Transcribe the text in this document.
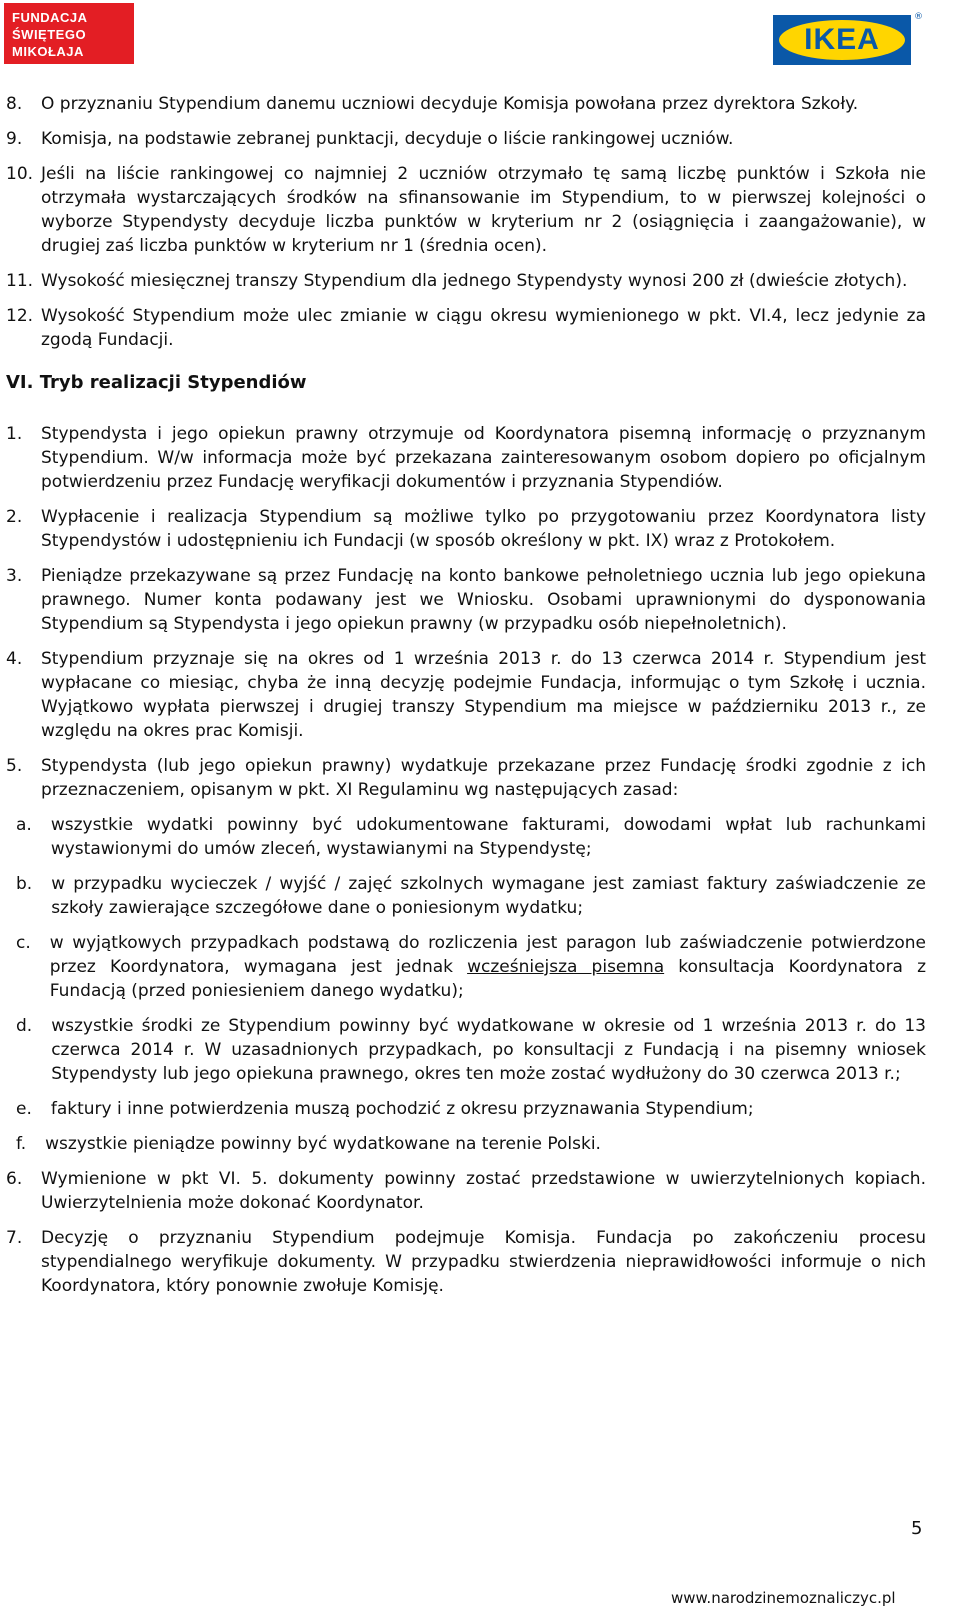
FUNDACJA
ŚWIĘTEGO
MIKOŁAJA	IKEA
®
8.	O przyznaniu Stypendium danemu uczniowi decyduje Komisja powołana przez dyrektora Szkoły.
9.	Komisja, na podstawie zebranej punktacji, decyduje o liście rankingowej uczniów.
10. Jeśli na liście rankingowej co najmniej 2 uczniów otrzymało tę samą liczbę punktów i Szkoła nie otrzymała wystarczających środków na sfinansowanie im Stypendium, to w pierwszej kolejności o wyborze Stypendysty decyduje liczba punktów w kryterium nr 2 (osiągnięcia i zaangażowanie), w drugiej zaś liczba punktów w kryterium nr 1 (średnia ocen).
11. Wysokość miesięcznej transzy Stypendium dla jednego Stypendysty wynosi 200 zł (dwieście złotych).
12. Wysokość Stypendium może ulec zmianie w ciągu okresu wymienionego w pkt. VI.4, lecz jedynie za zgodą Fundacji.
VI. Tryb realizacji Stypendiów
1.	Stypendysta i jego opiekun prawny otrzymuje od Koordynatora pisemną informację o przyznanym Stypendium. W/w informacja może być przekazana zainteresowanym osobom dopiero po oficjalnym potwierdzeniu przez Fundację weryfikacji dokumentów i przyznania Stypendiów.
2.	Wypłacenie i realizacja Stypendium są możliwe tylko po przygotowaniu przez Koordynatora listy Stypendystów i udostępnieniu ich Fundacji (w sposób określony w pkt. IX) wraz z Protokołem.
3.	Pieniądze przekazywane są przez Fundację na konto bankowe pełnoletniego ucznia lub jego opiekuna prawnego. Numer konta podawany jest we Wniosku. Osobami uprawnionymi do dysponowania Stypendium są Stypendysta i jego opiekun prawny (w przypadku osób niepełnoletnich).
4.	Stypendium przyznaje się na okres od 1 września 2013 r. do 13 czerwca 2014 r. Stypendium jest wypłacane co miesiąc, chyba że inną decyzję podejmie Fundacja, informując o tym Szkołę i ucznia. Wyjątkowo wypłata pierwszej i drugiej transzy Stypendium ma miejsce w październiku 2013 r., ze względu na okres prac Komisji.
5.	Stypendysta (lub jego opiekun prawny) wydatkuje przekazane przez Fundację środki zgodnie z ich przeznaczeniem, opisanym w pkt. XI Regulaminu wg następujących zasad:
a.	wszystkie wydatki powinny być udokumentowane fakturami, dowodami wpłat lub rachunkami wystawionymi do umów zleceń, wystawianymi na Stypendystę;
b.	w przypadku wycieczek / wyjść / zajęć szkolnych wymagane jest zamiast faktury zaświadczenie ze szkoły zawierające szczegółowe dane o poniesionym wydatku;
c.	w wyjątkowych przypadkach podstawą do rozliczenia jest paragon lub zaświadczenie potwierdzone przez Koordynatora, wymagana jest jednak wcześniejsza pisemna konsultacja Koordynatora z Fundacją (przed poniesieniem danego wydatku);
d.	wszystkie środki ze Stypendium powinny być wydatkowane w okresie od 1 września 2013 r. do 13 czerwca 2014 r. W uzasadnionych przypadkach, po konsultacji z Fundacją i na pisemny wniosek Stypendysty lub jego opiekuna prawnego, okres ten może zostać wydłużony do 30 czerwca 2013 r.;
e.	faktury i inne potwierdzenia muszą pochodzić z okresu przyznawania Stypendium;
f.	wszystkie pieniądze powinny być wydatkowane na terenie Polski.
6.	Wymienione w pkt VI. 5. dokumenty powinny zostać przedstawione w uwierzytelnionych kopiach. Uwierzytelnienia może dokonać Koordynator.
7.	Decyzję o przyznaniu Stypendium podejmuje Komisja. Fundacja po zakończeniu procesu stypendialnego weryfikuje dokumenty. W przypadku stwierdzenia nieprawidłowości informuje o nich Koordynatora, który ponownie zwołuje Komisję.
5
www.narodzinemoznaliczyc.pl
